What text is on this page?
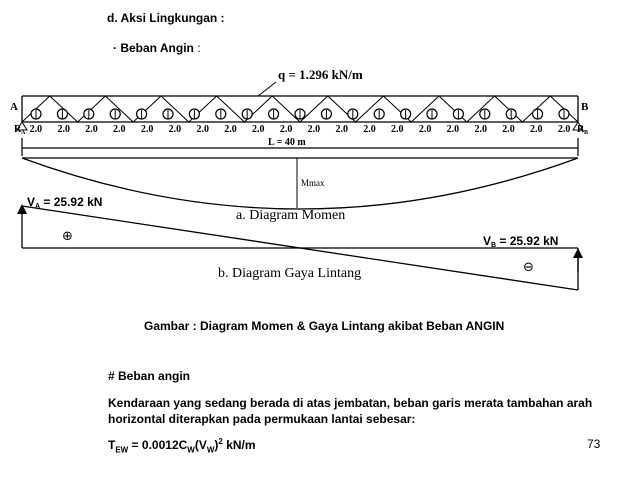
d. Aksi Lingkungan :
· Beban Angin :
q = 1.296 kN/m
A	B
2.0 2.0 2.0 2.0 2.0 2.0 2.0 2.0 2.0 2.0 2.0 2.0 2.0 2.0 2.0 2.0 2.0 2.0 2.0 2.0
R A	R B
L = 40 m
Mmax
a. Diagram Momen
VA = 25.92 kN
VB = 25.92 kN
⊕
⊖
b. Diagram Gaya Lintang
Gambar : Diagram Momen & Gaya Lintang akibat Beban ANGIN
# Beban angin
Kendaraan yang sedang berada di atas jembatan, beban garis merata tambahan arah
horizontal diterapkan pada permukaan lantai sebesar:
$T_{EW} = 0.0012C_W(V_W)^2$ kN/m	73
